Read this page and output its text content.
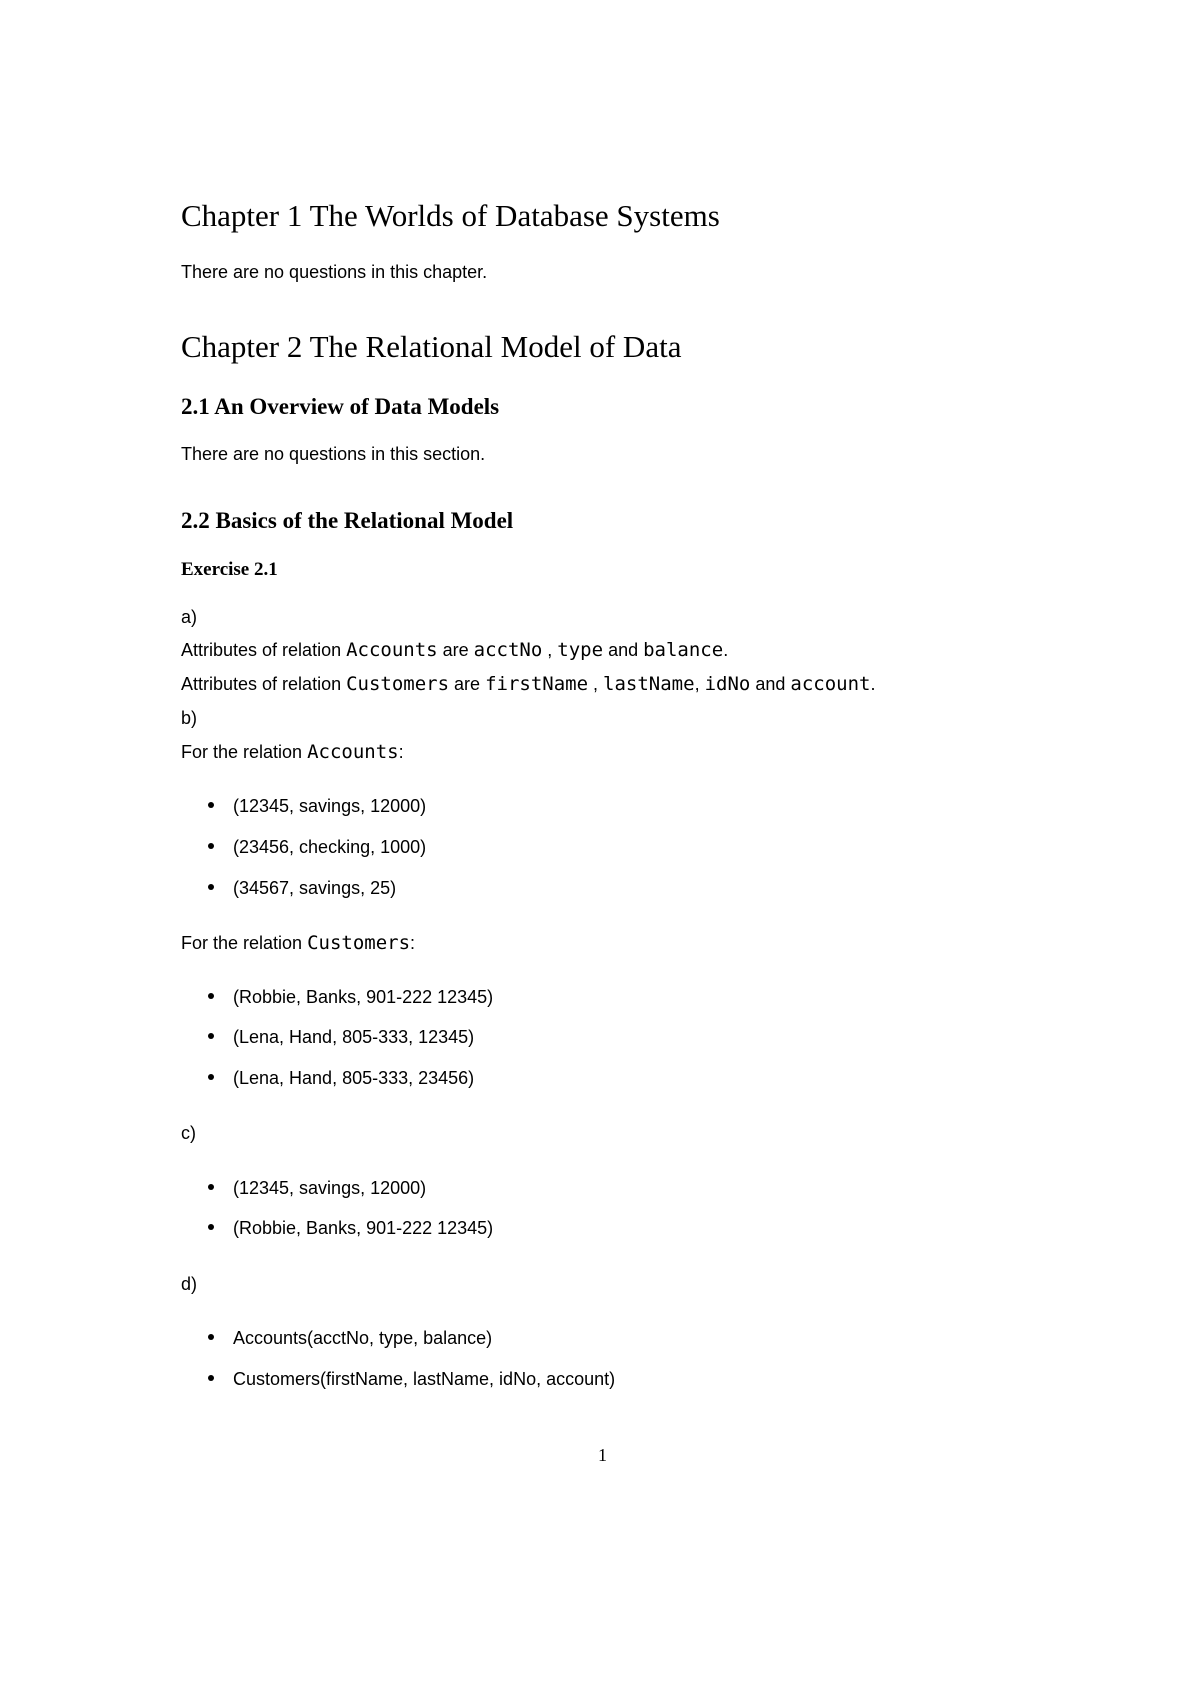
Chapter 1 The Worlds of Database Systems
There are no questions in this chapter.
Chapter 2 The Relational Model of Data
2.1 An Overview of Data Models
There are no questions in this section.
2.2 Basics of the Relational Model
Exercise 2.1
a)
Attributes of relation Accounts are acctNo , type and balance.
Attributes of relation Customers are firstName , lastName, idNo and account.
b)
For the relation Accounts:
(12345, savings, 12000)
(23456, checking, 1000)
(34567, savings, 25)
For the relation Customers:
(Robbie, Banks, 901-222 12345)
(Lena, Hand, 805-333, 12345)
(Lena, Hand, 805-333, 23456)
c)
(12345, savings, 12000)
(Robbie, Banks, 901-222 12345)
d)
Accounts(acctNo, type, balance)
Customers(firstName, lastName, idNo, account)
1
